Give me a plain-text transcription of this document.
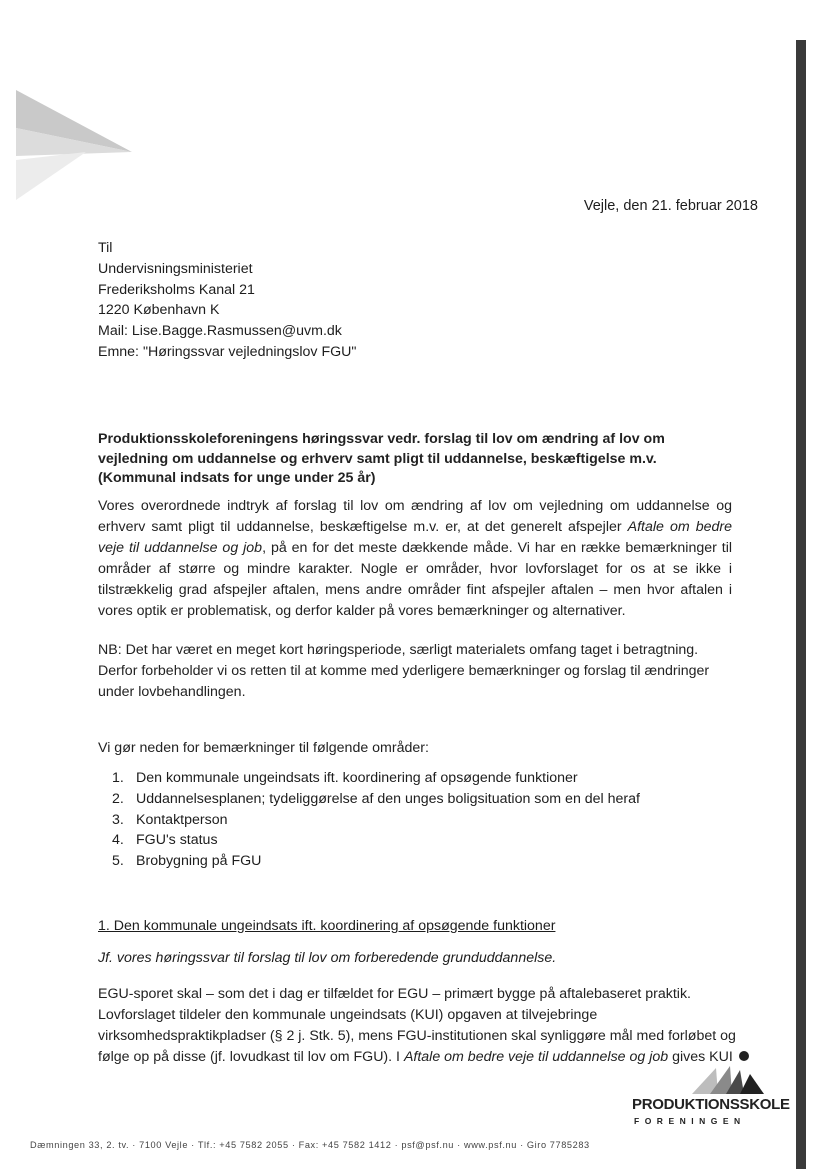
Vejle, den 21. februar 2018
Til
Undervisningsministeriet
Frederiksholms Kanal 21
1220 København K
Mail: Lise.Bagge.Rasmussen@uvm.dk
Emne: "Høringssvar vejledningslov FGU"
Produktionsskoleforeningens høringssvar vedr. forslag til lov om ændring af lov om vejledning om uddannelse og erhverv samt pligt til uddannelse, beskæftigelse m.v. (Kommunal indsats for unge under 25 år)
Vores overordnede indtryk af forslag til lov om ændring af lov om vejledning om uddannelse og erhverv samt pligt til uddannelse, beskæftigelse m.v. er, at det generelt afspejler Aftale om bedre veje til uddannelse og job, på en for det meste dækkende måde. Vi har en række bemærkninger til områder af større og mindre karakter. Nogle er områder, hvor lovforslaget for os at se ikke i tilstrækkelig grad afspejler aftalen, mens andre områder fint afspejler aftalen – men hvor aftalen i vores optik er problematisk, og derfor kalder på vores bemærkninger og alternativer.
NB: Det har været en meget kort høringsperiode, særligt materialets omfang taget i betragtning. Derfor forbeholder vi os retten til at komme med yderligere bemærkninger og forslag til ændringer under lovbehandlingen.
Vi gør neden for bemærkninger til følgende områder:
1. Den kommunale ungeindsats ift. koordinering af opsøgende funktioner
2. Uddannelsesplanen; tydeliggørelse af den unges boligsituation som en del heraf
3. Kontaktperson
4. FGU's status
5. Brobygning på FGU
1. Den kommunale ungeindsats ift. koordinering af opsøgende funktioner
Jf. vores høringssvar til forslag til lov om forberedende grunduddannelse.
EGU-sporet skal – som det i dag er tilfældet for EGU – primært bygge på aftalebaseret praktik. Lovforslaget tildeler den kommunale ungeindsats (KUI) opgaven at tilvejebringe virksomhedspraktikpladser (§ 2 j. Stk. 5), mens FGU-institutionen skal synliggøre mål med forløbet og følge op på disse (jf. lovudkast til lov om FGU). I Aftale om bedre veje til uddannelse og job gives KUI
PRODUKTIONSSKOLE
FORENINGEN
Dæmningen 33, 2. tv. · 7100 Vejle · Tlf.: +45 7582 2055 · Fax: +45 7582 1412 · psf@psf.nu · www.psf.nu · Giro 7785283
